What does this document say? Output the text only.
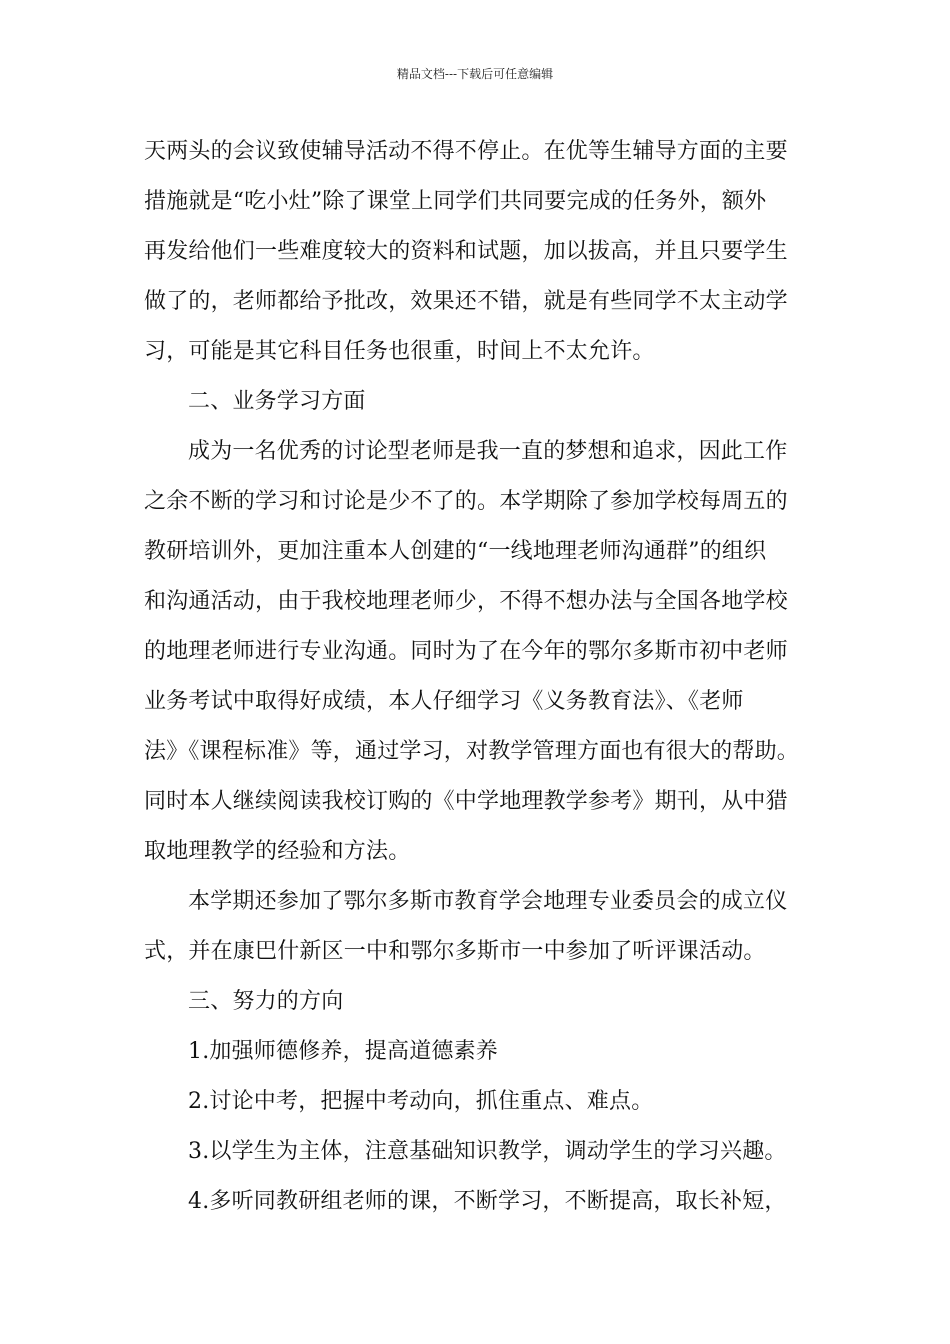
精品文档---下载后可任意编辑
天两头的会议致使辅导活动不得不停止。在优等生辅导方面的主要
措施就是“吃小灶”除了课堂上同学们共同要完成的任务外，额外
再发给他们一些难度较大的资料和试题，加以拔高，并且只要学生
做了的，老师都给予批改，效果还不错，就是有些同学不太主动学
习，可能是其它科目任务也很重，时间上不太允许。
二、业务学习方面
成为一名优秀的讨论型老师是我一直的梦想和追求，因此工作
之余不断的学习和讨论是少不了的。本学期除了参加学校每周五的
教研培训外，更加注重本人创建的“一线地理老师沟通群”的组织
和沟通活动，由于我校地理老师少，不得不想办法与全国各地学校
的地理老师进行专业沟通。同时为了在今年的鄂尔多斯市初中老师
业务考试中取得好成绩，本人仔细学习《义务教育法》、《老师
法》《课程标准》等，通过学习，对教学管理方面也有很大的帮助。
同时本人继续阅读我校订购的《中学地理教学参考》期刊，从中猎
取地理教学的经验和方法。
本学期还参加了鄂尔多斯市教育学会地理专业委员会的成立仪
式，并在康巴什新区一中和鄂尔多斯市一中参加了听评课活动。
三、努力的方向
1.加强师德修养，提高道德素养
2.讨论中考，把握中考动向，抓住重点、难点。
3.以学生为主体，注意基础知识教学，调动学生的学习兴趣。
4.多听同教研组老师的课，不断学习，不断提高，取长补短，
